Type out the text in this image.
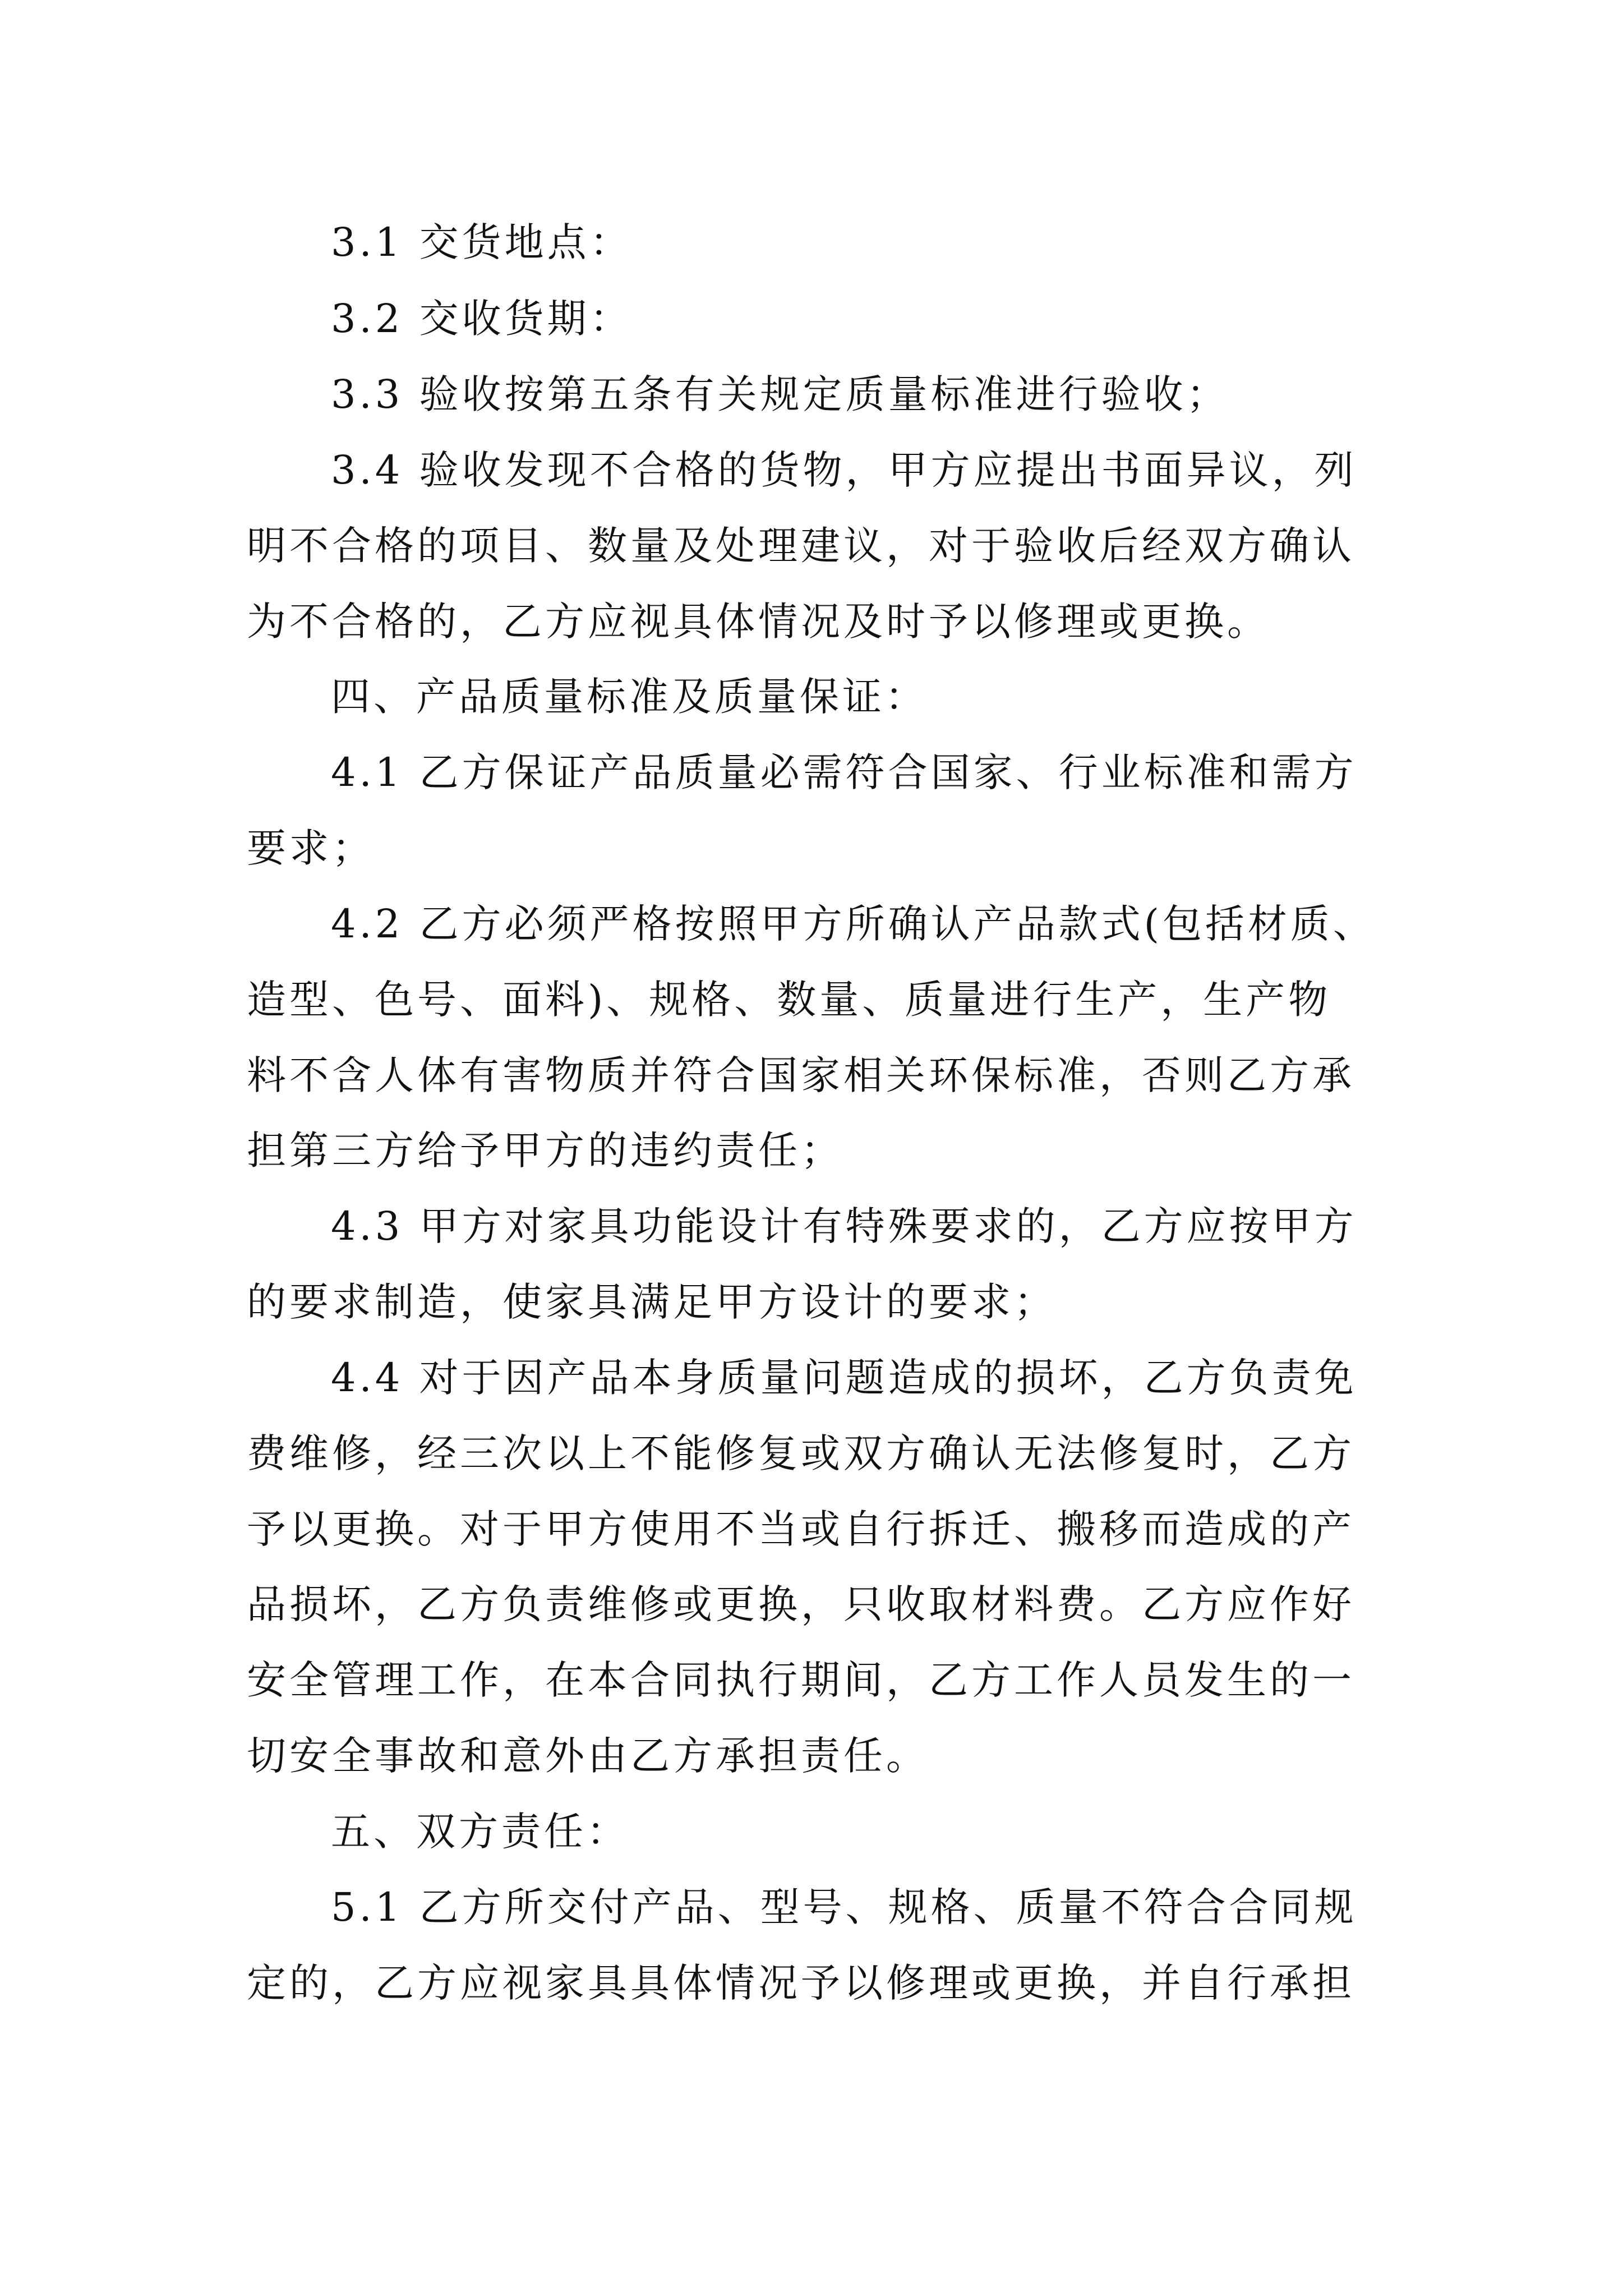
3.1 交货地点：
3.2 交收货期：
3.3 验收按第五条有关规定质量标准进行验收；
3.4 验收发现不合格的货物，甲方应提出书面异议，列
明不合格的项目、数量及处理建议，对于验收后经双方确认
为不合格的，乙方应视具体情况及时予以修理或更换。
四、产品质量标准及质量保证：
4.1 乙方保证产品质量必需符合国家、行业标准和需方
要求；
4.2 乙方必须严格按照甲方所确认产品款式(包括材质、
造型、色号、面料)、规格、数量、质量进行生产，生产物
料不含人体有害物质并符合国家相关环保标准，否则乙方承
担第三方给予甲方的违约责任；
4.3 甲方对家具功能设计有特殊要求的，乙方应按甲方
的要求制造，使家具满足甲方设计的要求；
4.4 对于因产品本身质量问题造成的损坏，乙方负责免
费维修，经三次以上不能修复或双方确认无法修复时，乙方
予以更换。对于甲方使用不当或自行拆迁、搬移而造成的产
品损坏，乙方负责维修或更换，只收取材料费。乙方应作好
安全管理工作，在本合同执行期间，乙方工作人员发生的一
切安全事故和意外由乙方承担责任。
五、双方责任：
5.1 乙方所交付产品、型号、规格、质量不符合合同规
定的，乙方应视家具具体情况予以修理或更换，并自行承担
